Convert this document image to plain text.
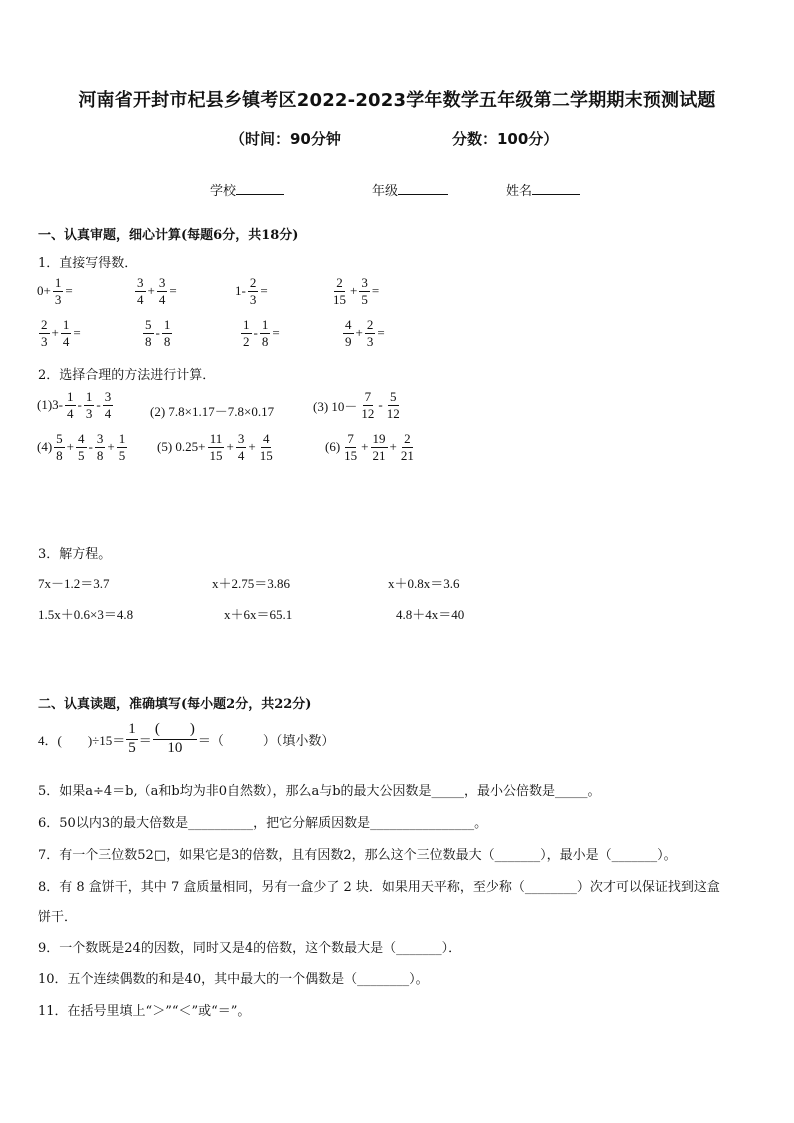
河南省开封市杞县乡镇考区2022-2023学年数学五年级第二学期期末预测试题
（时间：90分钟	分数：100分）
学校	年级	姓名
一、认真审题，细心计算(每题6分，共18分)
1．直接写得数．
$0+ \frac{1}{3}$ =	$\frac{3}{4} + \frac{3}{4}$ =	$1- \frac{2}{3}$ =	$\frac{2}{15} + \frac{3}{5}$ =
$\frac{2}{3} + \frac{1}{4}$ =	$\frac{5}{8} - \frac{1}{8}$	$\frac{1}{2} - \frac{1}{8}$ =	$\frac{4}{9} + \frac{2}{3}$ =
2．选择合理的方法进行计算．
$(1)3- \frac{1}{4} - \frac{1}{3} - \frac{3}{4}$	(2) 7.8×1.17－7.8×0.17	(3) $10- \frac{7}{12} - \frac{5}{12}$
$(4) \frac{5}{8} + \frac{4}{5} - \frac{3}{8} + \frac{1}{5} (5)$ $0.25+ \frac{11}{15} + \frac{3}{4} + \frac{4}{15}$	$(6) \frac{7}{15} + \frac{19}{21} + \frac{2}{21}$
3．解方程。
7x－1.2＝3.7	x＋2.75＝3.86	x＋0.8x＝3.6
1.5x＋0.6×3＝4.8	x＋6x＝65.1	4.8＋4x＝40
二、认真读题，准确填写(每小题2分，共22分)
4．(　　)$\div 15= \frac{1}{5} = \frac{( )}{10}$ ＝（　　　）（填小数）
5．如果a÷4＝b,（a和b均为非0自然数），那么a与b的最大公因数是_____，最小公倍数是_____。
6．50以内3的最大倍数是__________，把它分解质因数是________________。
7．有一个三位数52□，如果它是3的倍数，且有因数2，那么这个三位数最大（_______），最小是（_______）。
8．有 8 盒饼干，其中 7 盒质量相同，另有一盒少了 2 块．如果用天平称，至少称（________）次才可以保证找到这盒
饼干．
9．一个数既是24的因数，同时又是4的倍数，这个数最大是（_______）．
10．五个连续偶数的和是40，其中最大的一个偶数是（________）。
11．在括号里填上“＞”“＜”或“＝”。
